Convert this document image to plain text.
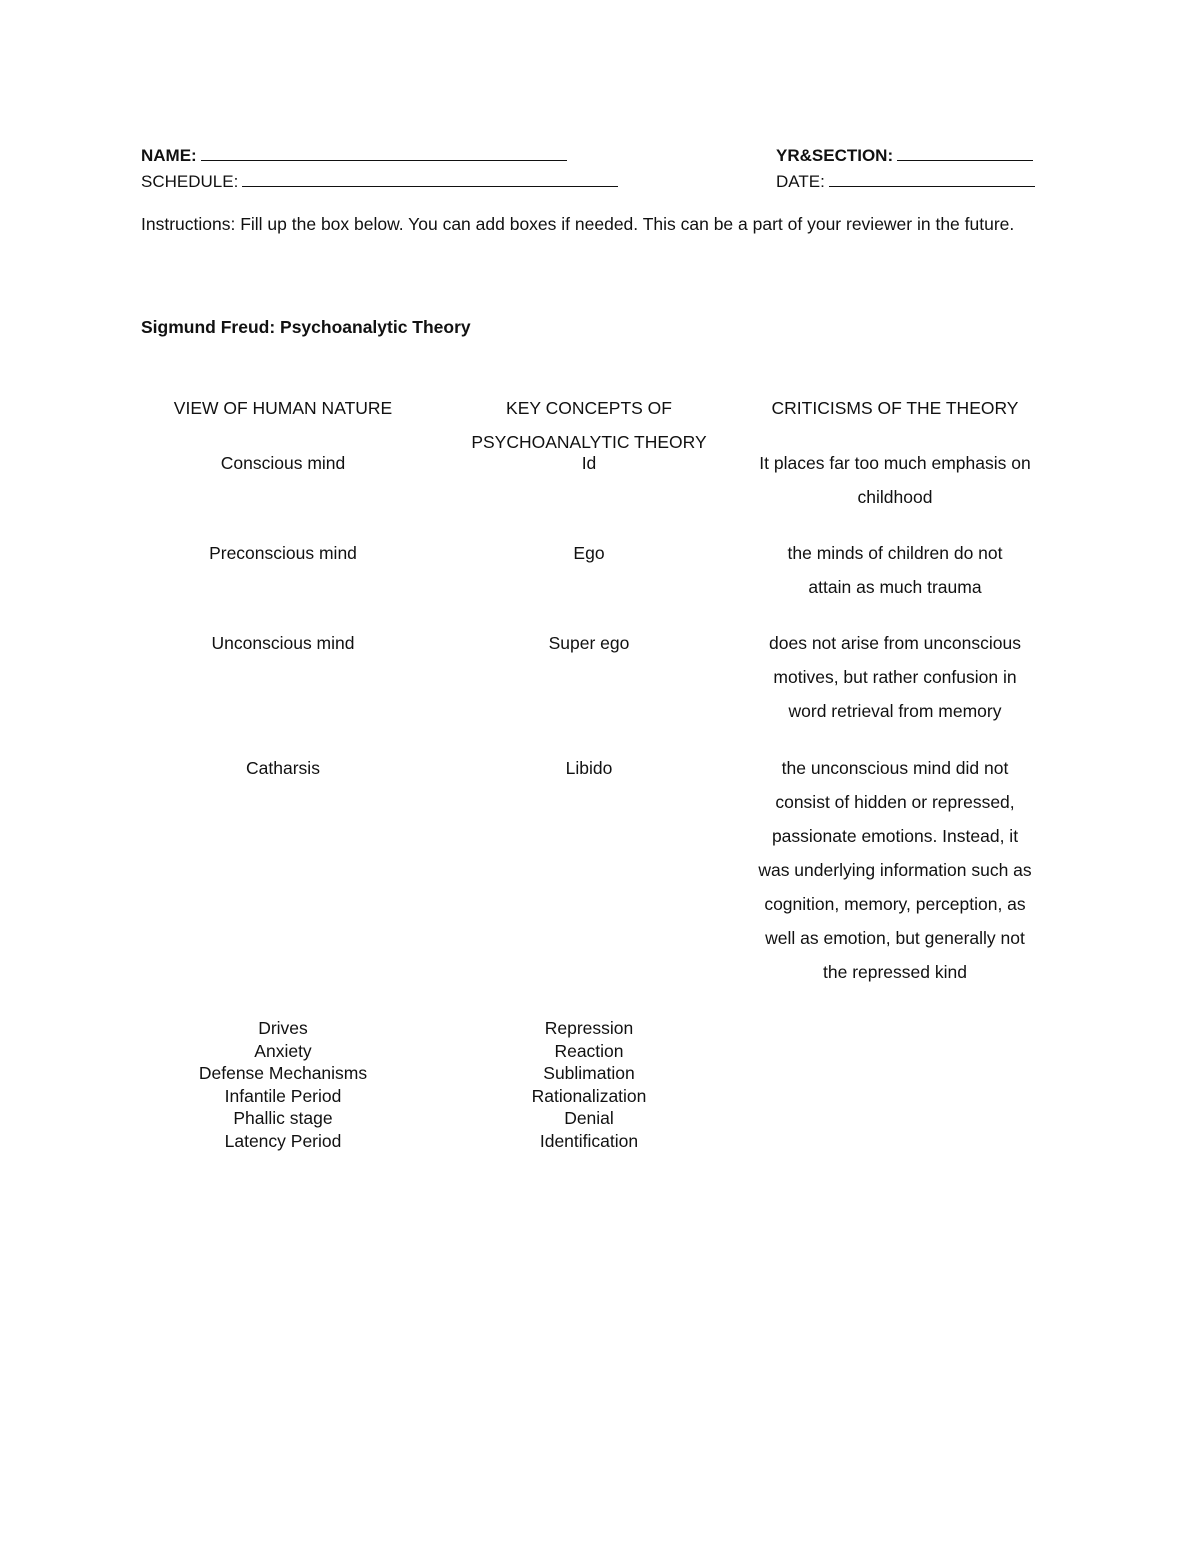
NAME:	YR&SECTION:
SCHEDULE:	DATE:
Instructions: Fill up the box below. You can add boxes if needed. This can be a part of your reviewer in the future.
Sigmund Freud: Psychoanalytic Theory
VIEW OF HUMAN NATURE
Conscious mind
Preconscious mind
Unconscious mind
Catharsis
KEY CONCEPTS OF PSYCHOANALYTIC THEORY
Id
Ego
Super ego
Libido
CRITICISMS OF THE THEORY
It places far too much emphasis on childhood
the minds of children do not attain as much trauma
does not arise from unconscious motives, but rather confusion in word retrieval from memory
the unconscious mind did not consist of hidden or repressed, passionate emotions. Instead, it was underlying information such as cognition, memory, perception, as well as emotion, but generally not the repressed kind
Drives
Anxiety
Defense Mechanisms
Infantile Period
Phallic stage
Latency Period
Repression
Reaction
Sublimation
Rationalization
Denial
Identification
